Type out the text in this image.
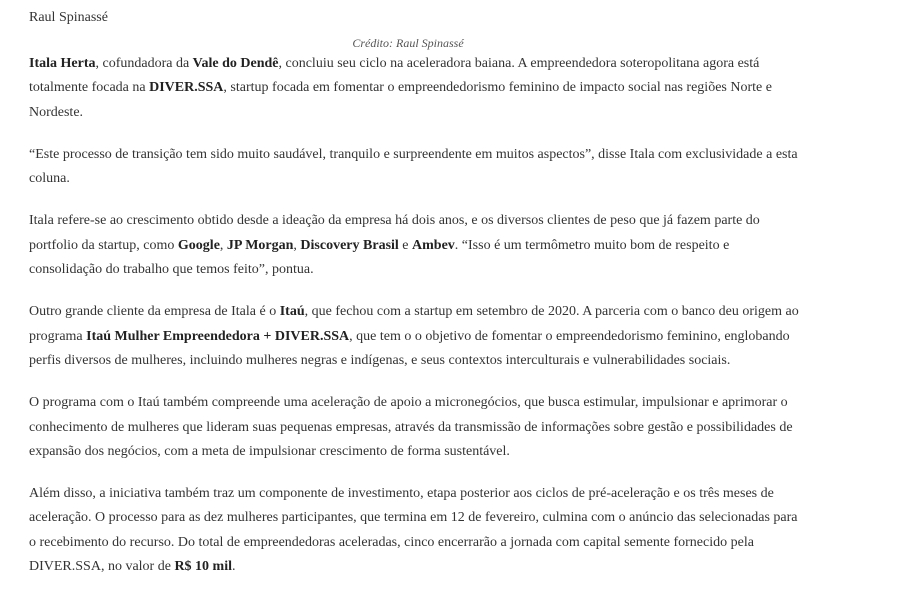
Raul Spinassé
Crédito: Raul Spinassé

Itala Herta, cofundadora da Vale do Dendê, concluiu seu ciclo na aceleradora baiana. A empreendedora soteropolitana agora está totalmente focada na DIVER.SSA, startup focada em fomentar o empreendedorismo feminino de impacto social nas regiões Norte e Nordeste.

“Este processo de transição tem sido muito saudável, tranquilo e surpreendente em muitos aspectos”, disse Itala com exclusividade a esta coluna.

Itala refere-se ao crescimento obtido desde a ideação da empresa há dois anos, e os diversos clientes de peso que já fazem parte do portfolio da startup, como Google, JP Morgan, Discovery Brasil e Ambev. “Isso é um termômetro muito bom de respeito e consolidação do trabalho que temos feito”, pontua.

Outro grande cliente da empresa de Itala é o Itaú, que fechou com a startup em setembro de 2020. A parceria com o banco deu origem ao programa Itaú Mulher Empreendedora + DIVER.SSA, que tem o o objetivo de fomentar o empreendedorismo feminino, englobando perfis diversos de mulheres, incluindo mulheres negras e indígenas, e seus contextos interculturais e vulnerabilidades sociais.

O programa com o Itaú também compreende uma aceleração de apoio a micronegócios, que busca estimular, impulsionar e aprimorar o conhecimento de mulheres que lideram suas pequenas empresas, através da transmissão de informações sobre gestão e possibilidades de expansão dos negócios, com a meta de impulsionar crescimento de forma sustentável.

Além disso, a iniciativa também traz um componente de investimento, etapa posterior aos ciclos de pré-aceleração e os três meses de aceleração. O processo para as dez mulheres participantes, que termina em 12 de fevereiro, culmina com o anúncio das selecionadas para o recebimento do recurso. Do total de empreendedoras aceleradas, cinco encerrarão a jornada com capital semente fornecido pela DIVER.SSA, no valor de R$ 10 mil.
